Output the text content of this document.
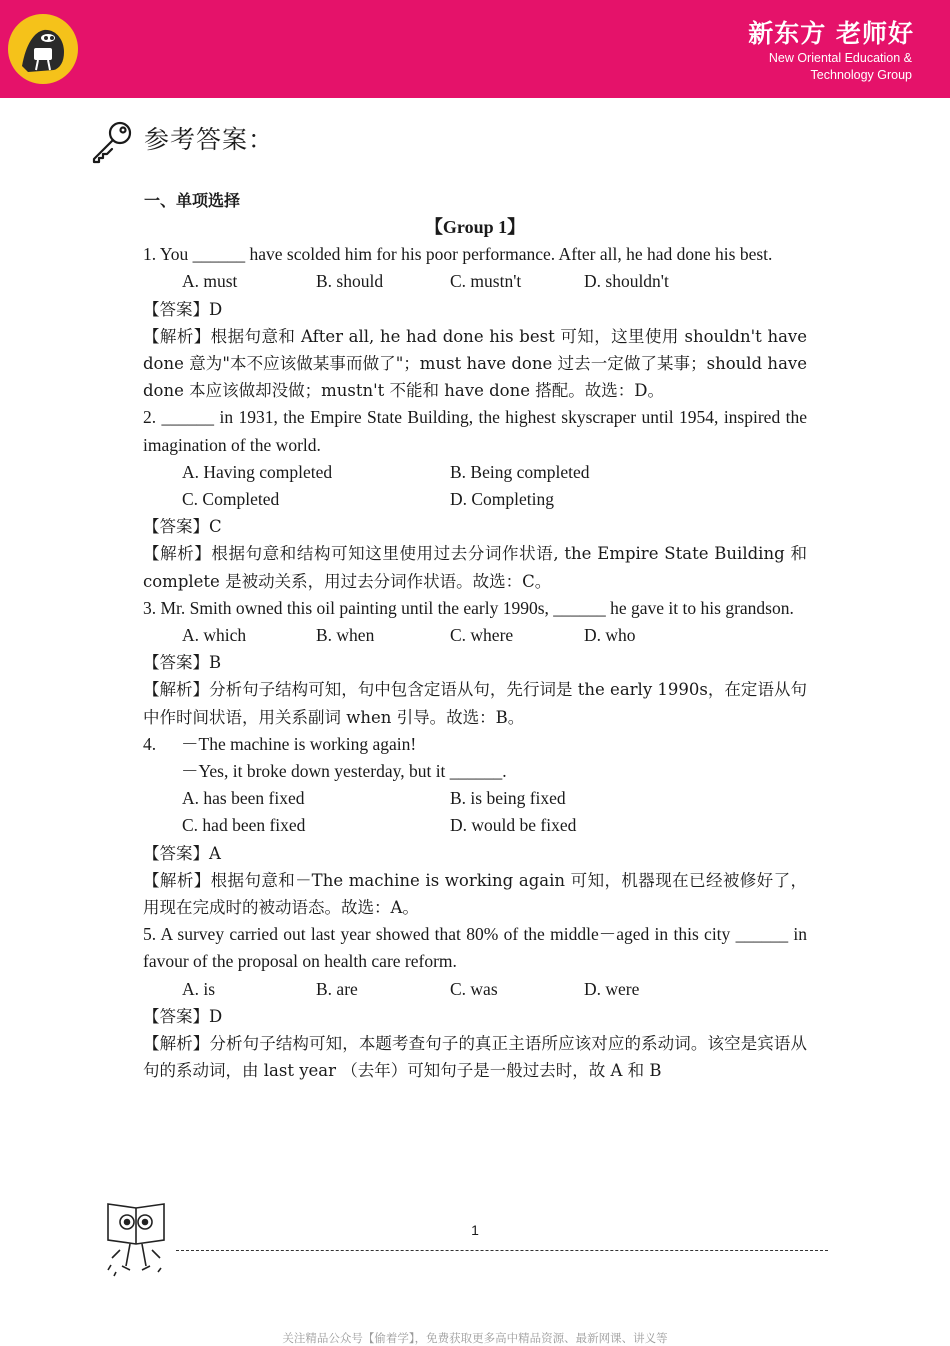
新东方 老师好
New Oriental Education &
Technology Group
参考答案：
一、单项选择

【Group 1】

1. You ______ have scolded him for his poor performance. After all, he had done his best.

A. must	B. should	C. mustn't	D. shouldn't

【答案】D

【解析】根据句意和 After all, he had done his best 可知，这里使用 shouldn't have done 意为"本不应该做某事而做了"；must have done 过去一定做了某事；should have done 本应该做却没做；mustn't 不能和 have done 搭配。故选：D。

2. ______ in 1931, the Empire State Building, the highest skyscraper until 1954, inspired the imagination of the world.

A. Having completed	B. Being completed
C. Completed	D. Completing

【答案】C

【解析】根据句意和结构可知这里使用过去分词作状语, the Empire State Building 和 complete 是被动关系，用过去分词作状语。故选：C。

3. Mr. Smith owned this oil painting until the early 1990s, ______ he gave it to his grandson.

A. which	B. when	C. where	D. who

【答案】B

【解析】分析句子结构可知，句中包含定语从句，先行词是 the early 1990s，在定语从句中作时间状语，用关系副词 when 引导。故选：B。

4.	－The machine is working again!

－Yes, it broke down yesterday, but it ______.

A. has been fixed	B. is being fixed
C. had been fixed	D. would be fixed

【答案】A

【解析】根据句意和－The machine is working again 可知，机器现在已经被修好了，用现在完成时的被动语态。故选：A。

5. A survey carried out last year showed that 80% of the middle－aged in this city ______ in favour of the proposal on health care reform.

A. is	B. are	C. was	D. were

【答案】D

【解析】分析句子结构可知，本题考查句子的真正主语所应该对应的系动词。该空是宾语从句的系动词，由 last year （去年）可知句子是一般过去时，故 A 和 B

1
关注精品公众号【偷着学】，免费获取更多高中精品资源、最新网课、讲义等
